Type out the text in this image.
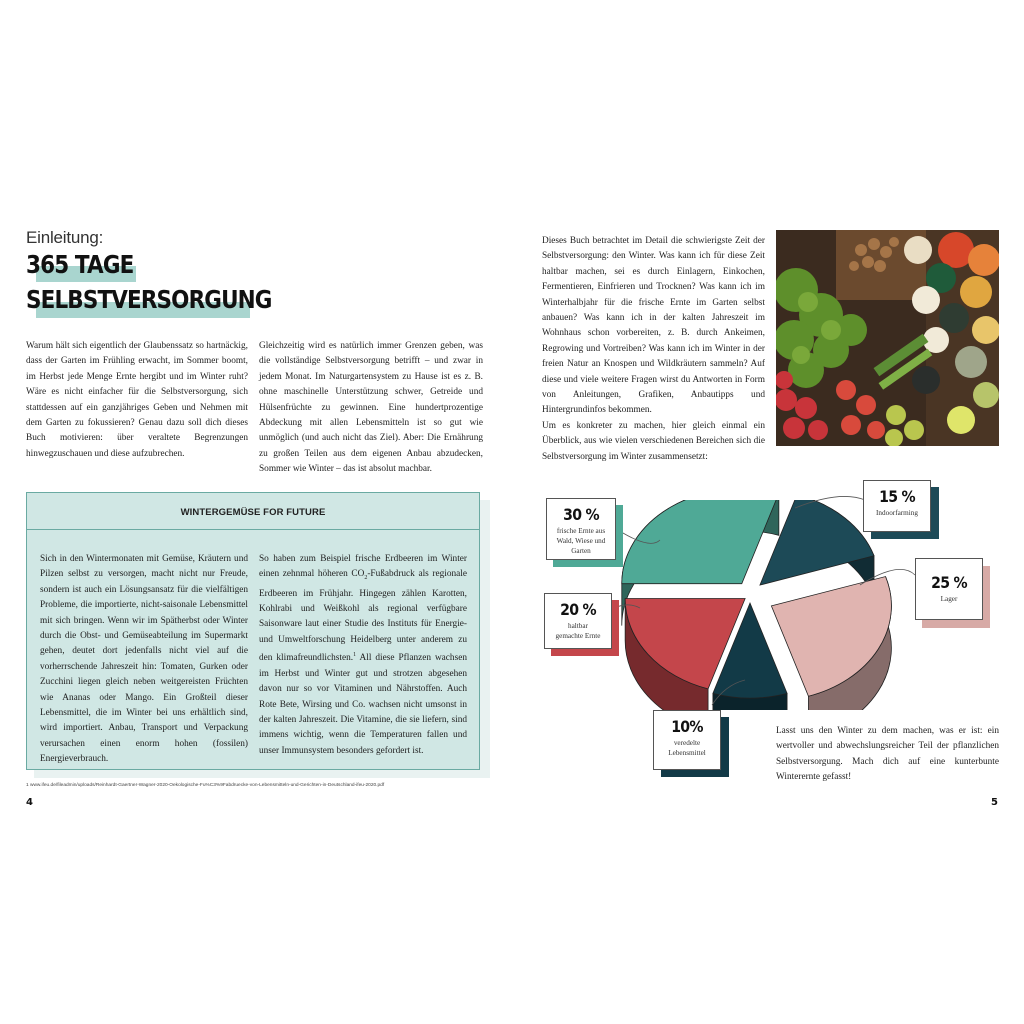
Einleitung:
365 TAGE
SELBSTVERSORGUNG
Warum hält sich eigentlich der Glaubenssatz so hartnäckig, dass der Garten im Frühling erwacht, im Sommer boomt, im Herbst jede Menge Ernte hergibt und im Winter ruht? Wäre es nicht einfacher für die Selbstversorgung, sich stattdessen auf ein ganzjähriges Geben und Nehmen mit dem Garten zu fokussieren? Genau dazu soll dich dieses Buch motivieren: über veraltete Begrenzungen hinwegzuschauen und diese aufzubrechen.
Gleichzeitig wird es natürlich immer Grenzen geben, was die vollständige Selbstversorgung betrifft – und zwar in jedem Monat. Im Naturgartensystem zu Hause ist es z. B. ohne maschinelle Unterstützung schwer, Getreide und Hülsenfrüchte zu gewinnen. Eine hundertprozentige Abdeckung mit allen Lebensmitteln ist so gut wie unmöglich (und auch nicht das Ziel). Aber: Die Ernährung zu großen Teilen aus dem eigenen Anbau abzudecken, Sommer wie Winter – das ist absolut machbar.
WINTERGEMÜSE FOR FUTURE
Sich in den Wintermonaten mit Gemüse, Kräutern und Pilzen selbst zu versorgen, macht nicht nur Freude, sondern ist auch ein Lösungsansatz für die vielfältigen Probleme, die importierte, nicht-saisonale Lebensmittel mit sich bringen. Wenn wir im Spätherbst oder Winter durch die Obst- und Gemüseabteilung im Supermarkt gehen, deutet dort jedenfalls nicht viel auf die vorherrschende Jahreszeit hin: Tomaten, Gurken oder Zucchini liegen gleich neben weitgereisten Früchten wie Ananas oder Mango. Ein Großteil dieser Lebensmittel, die im Winter bei uns erhältlich sind, wird importiert. Anbau, Transport und Verpackung verursachen einen enorm hohen (fossilen) Energieverbrauch.
So haben zum Beispiel frische Erdbeeren im Winter einen zehnmal höheren $CO_2$-Fußabdruck als regionale Erdbeeren im Frühjahr. Hingegen zählen Karotten, Kohlrabi und Weißkohl als regional verfügbare Saisonware laut einer Studie des Instituts für Energie- und Umweltforschung Heidelberg unter anderem zu den klimafreundlichsten.$^1$ All diese Pflanzen wachsen im Herbst und Winter gut und strotzen abgesehen davon nur so vor Vitaminen und Nährstoffen. Auch Rote Bete, Wirsing und Co. wachsen nicht umsonst in der kalten Jahreszeit. Die Vitamine, die sie liefern, sind immens wichtig, wenn die Temperaturen fallen und unser Immunsystem besonders gefordert ist.
1 www.ifeu.de/fileadmin/uploads/Reinhardt-Gaertner-Wagner-2020-Oekologische-Fu%C3%9Fabdruecke-von-Lebensmitteln-und-Gerichten-in-Deutschland-ifeu-2020.pdf
4
Dieses Buch betrachtet im Detail die schwierigste Zeit der Selbstversorgung: den Winter. Was kann ich für diese Zeit haltbar machen, sei es durch Einlagern, Einkochen, Fermentieren, Einfrieren und Trocknen? Was kann ich im Winterhalbjahr für die frische Ernte im Garten selbst anbauen? Was kann ich in der kalten Jahreszeit im Wohnhaus schon vorbereiten, z. B. durch Ankeimen, Regrowing und Vortreiben? Was kann ich im Winter in der freien Natur an Knospen und Wildkräutern sammeln? Auf diese und viele weitere Fragen wirst du Antworten in Form von Anleitungen, Grafiken, Anbautipps und Hintergrundinfos bekommen.
Um es konkreter zu machen, hier gleich einmal ein Überblick, aus wie vielen verschiedenen Bereichen sich die Selbstversorgung im Winter zusammensetzt:
30 %
frische Ernte aus
Wald, Wiese und
Garten
15 %
Indoorfarming
25 %
Lager
20 %
haltbar
gemachte Ernte
10%
veredelte
Lebensmittel
Lasst uns den Winter zu dem machen, was er ist: ein wertvoller und abwechslungsreicher Teil der pflanzlichen Selbstversorgung. Mach dich auf eine kunterbunte Winterernte gefasst!
5
